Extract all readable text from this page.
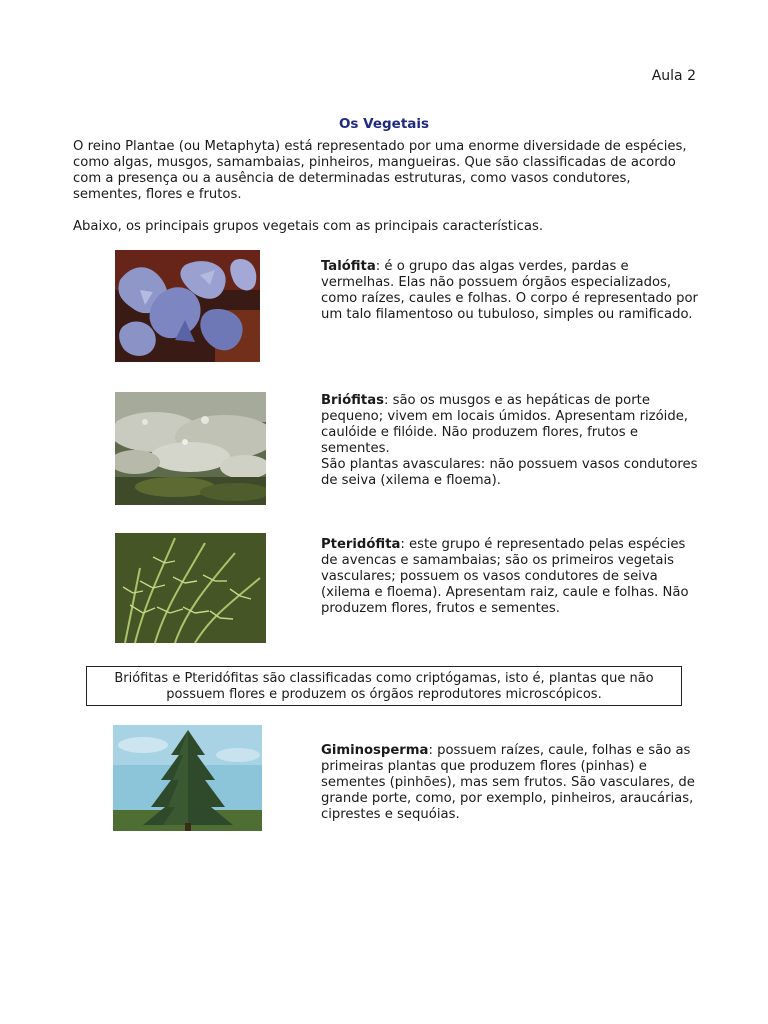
Aula 2
Os Vegetais

O reino Plantae (ou Metaphyta) está representado por uma enorme diversidade de espécies, como algas, musgos, samambaias, pinheiros, mangueiras. Que são classificadas de acordo com a presença ou a ausência de determinadas estruturas, como vasos condutores, sementes, flores e frutos.

Abaixo, os principais grupos vegetais com as principais características.

Talófita: é o grupo das algas verdes, pardas e vermelhas. Elas não possuem órgãos especializados, como raízes, caules e folhas. O corpo é representado por um talo filamentoso ou tubuloso, simples ou ramificado.

Briófitas: são os musgos e as hepáticas de porte pequeno; vivem em locais úmidos. Apresentam rizóide, caulóide e filóide. Não produzem flores, frutos e sementes.
São plantas avasculares: não possuem vasos condutores de seiva (xilema e floema).

Pteridófita: este grupo é representado pelas espécies de avencas e samambaias; são os primeiros vegetais vasculares; possuem os vasos condutores de seiva (xilema e floema). Apresentam raiz, caule e folhas. Não produzem flores, frutos e sementes.

Briófitas e Pteridófitas são classificadas como criptógamas, isto é, plantas que não possuem flores e produzem os órgãos reprodutores microscópicos.

Giminosperma: possuem raízes, caule, folhas e são as primeiras plantas que produzem flores (pinhas) e sementes (pinhões), mas sem frutos. São vasculares, de grande porte, como, por exemplo, pinheiros, araucárias, ciprestes e sequóias.
